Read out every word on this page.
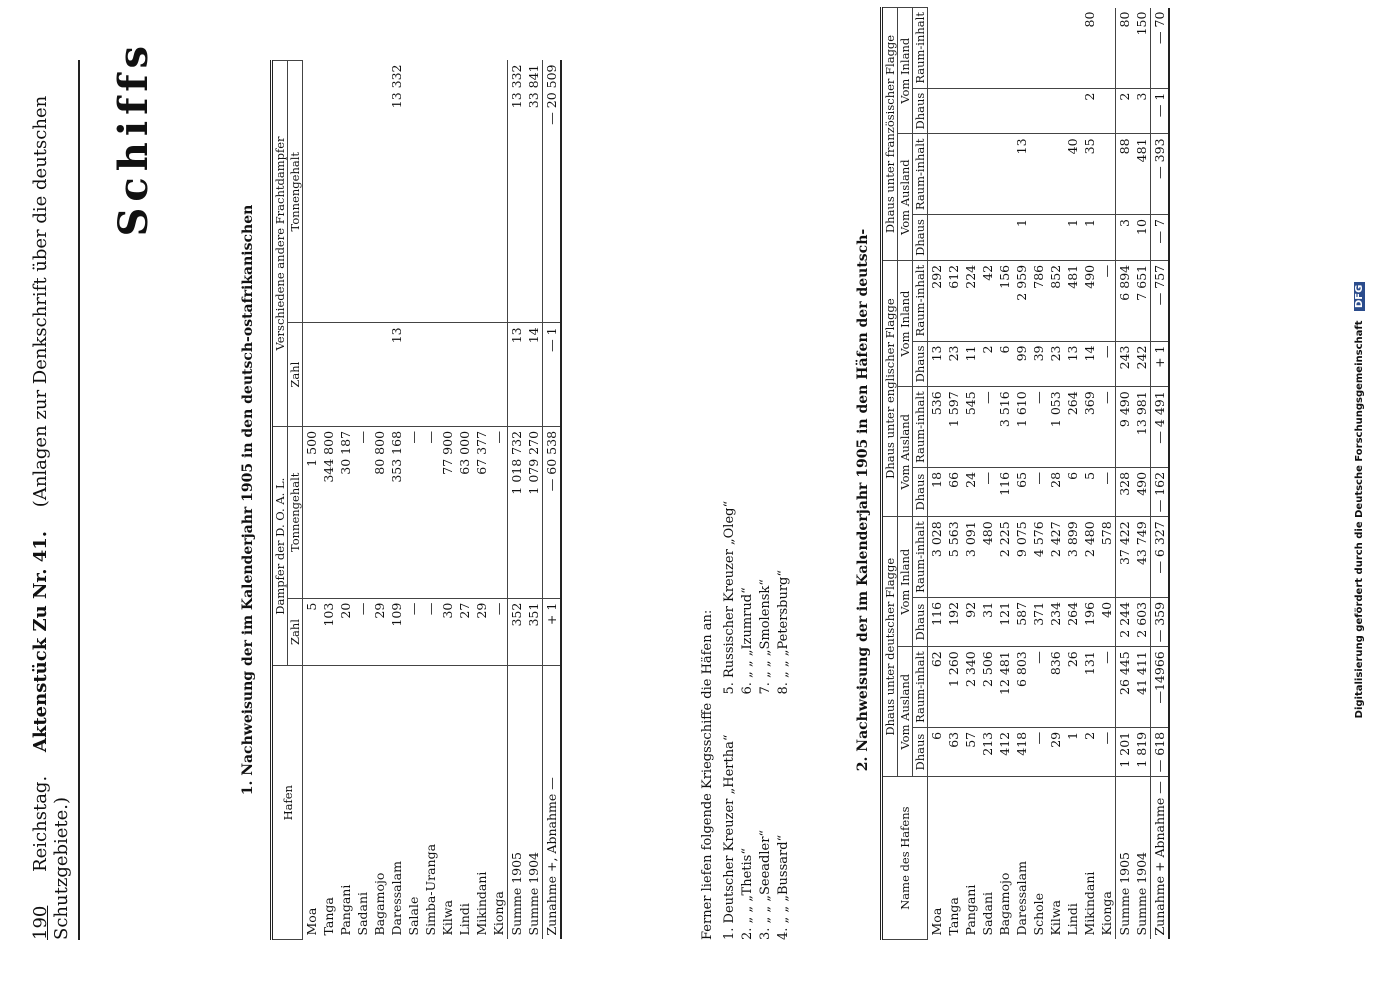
190 Reichstag. Aktenstück Zu Nr. 41. (Anlagen zur Denkschrift über die deutschen Schutzgebiete.)
Schiffs
1. Nachweisung der im Kalenderjahr 1905 in den deutsch-ostafrikanischen
Hafen	Dampfer der D. O. A. L.		Verschiedene andere Frachtdampfer	
	Zahl	Tonnengehalt	Zahl	Tonnengehalt
Moa	5	1 500		
Tanga	103	344 800		
Pangani	20	30 187		
Sadani	—	—		
Bagamojo	29	80 800		
Daressalam	109	353 168	13	13 332
Salale	—	—		
Simba-Uranga	—	—		
Kilwa	30	77 900		
Lindi	27	63 000		
Mikindani	29	67 377		
Kionga	—	—		
Summe 1905	352	1 018 732	13	13 332
Summe 1904	351	1 079 270	14	33 841
Zunahme +, Abnahme —	+ 1	— 60 538	— 1	— 20 509
Ferner liefen folgende Kriegsschiffe die Häfen an: 1. Deutscher Kreuzer „Hertha“ 2. „ „ „Thetis“ 3. „ „ „Seeadler“ 4. „ „ „Bussard“
5. Russischer Kreuzer „Oleg“ 6. „ „ „Izumrud“ 7. „ „ „Smolensk“ 8. „ „ „Petersburg“	2. Nachweisung der im Kalenderjahr 1905 in den Häfen der deutsch-
Name des Hafens	Dhaus unter deutscher Flagge				Dhaus unter englischer Flagge				Dhaus unter französischer Flagge			
	Vom Ausland		Vom Inland		Vom Ausland		Vom Inland		Vom Ausland		Vom Inland	
	Dhaus	Raum-inhalt	Dhaus	Raum-inhalt	Dhaus	Raum-inhalt	Dhaus	Raum-inhalt	Dhaus	Raum-inhalt	Dhaus	Raum-inhalt
Moa	6	62	116	3 028	18	536	13	292				
Tanga	63	1 260	192	5 563	66	1 597	23	612				
Pangani	57	2 340	92	3 091	24	545	11	224				
Sadani	213	2 506	31	480	—	—	2	42				
Bagamojo	412	12 481	121	2 225	116	3 516	6	156				
Daressalam	418	6 803	587	9 075	65	1 610	99	2 959	1	13		
Schole	—	—	371	4 576	—	—	39	786				
Kilwa	29	836	234	2 427	28	1 053	23	852				
Lindi	1	26	264	3 899	6	264	13	481	1	40		
Mikindani	2	131	196	2 480	5	369	14	490	1	35	2	80
Kionga	—	—	40	578	—	—	—	—				
Summe 1905	1 201	26 445	2 244	37 422	328	9 490	243	6 894	3	88	2	80
Summe 1904	1 819	41 411	2 603	43 749	490	13 981	242	7 651	10	481	3	150
Zunahme + Abnahme —	— 618	—14966	— 359	— 6 327	— 162	— 4 491	+ 1	— 757	— 7	— 393	— 1	— 70
Digitalisierung gefördert durch die Deutsche Forschungsgemeinschaft DFG
